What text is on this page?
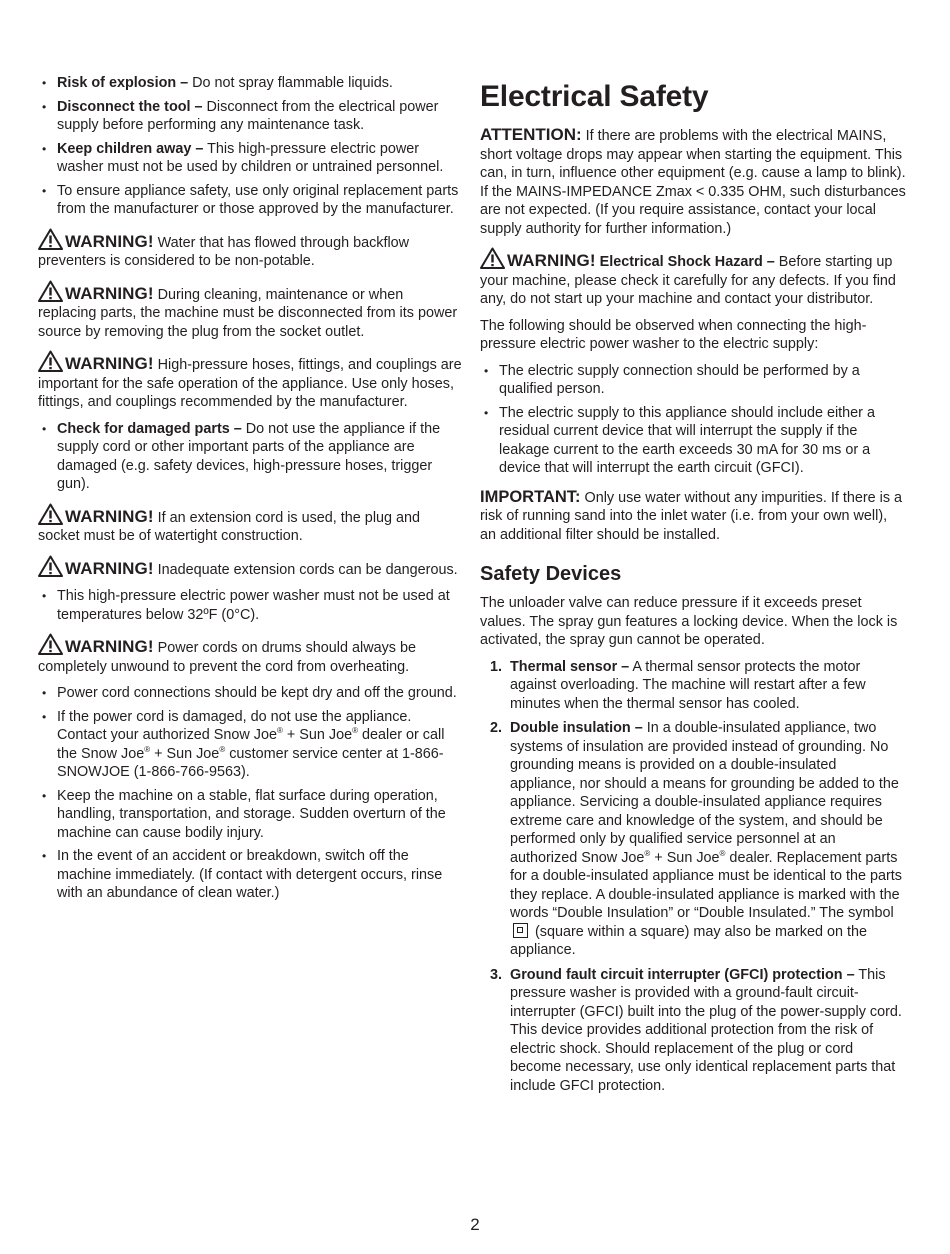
• Risk of explosion – Do not spray flammable liquids.
• Disconnect the tool – Disconnect from the electrical power supply before performing any maintenance task.
• Keep children away – This high-pressure electric power washer must not be used by children or untrained personnel.
• To ensure appliance safety, use only original replacement parts from the manufacturer or those approved by the manufacturer.

WARNING! Water that has flowed through backflow preventers is considered to be non-potable.

WARNING! During cleaning, maintenance or when replacing parts, the machine must be disconnected from its power source by removing the plug from the socket outlet.

WARNING! High-pressure hoses, fittings, and couplings are important for the safe operation of the appliance. Use only hoses, fittings, and couplings recommended by the manufacturer.

• Check for damaged parts – Do not use the appliance if the supply cord or other important parts of the appliance are damaged (e.g. safety devices, high-pressure hoses, trigger gun).

WARNING! If an extension cord is used, the plug and socket must be of watertight construction.

WARNING! Inadequate extension cords can be dangerous.

• This high-pressure electric power washer must not be used at temperatures below 32ºF (0°C).

WARNING! Power cords on drums should always be completely unwound to prevent the cord from overheating.

• Power cord connections should be kept dry and off the ground.
• If the power cord is damaged, do not use the appliance. Contact your authorized Snow Joe® + Sun Joe® dealer or call the Snow Joe® + Sun Joe® customer service center at 1-866-SNOWJOE (1-866-766-9563).
• Keep the machine on a stable, flat surface during operation, handling, transportation, and storage. Sudden overturn of the machine can cause bodily injury.
• In the event of an accident or breakdown, switch off the machine immediately. (If contact with detergent occurs, rinse with an abundance of clean water.)
Electrical Safety

ATTENTION: If there are problems with the electrical MAINS, short voltage drops may appear when starting the equipment. This can, in turn, influence other equipment (e.g. cause a lamp to blink). If the MAINS-IMPEDANCE Zmax < 0.335 OHM, such disturbances are not expected. (If you require assistance, contact your local supply authority for further information.)

WARNING! Electrical Shock Hazard – Before starting up your machine, please check it carefully for any defects. If you find any, do not start up your machine and contact your distributor.

The following should be observed when connecting the high-pressure electric power washer to the electric supply:

• The electric supply connection should be performed by a qualified person.
• The electric supply to this appliance should include either a residual current device that will interrupt the supply if the leakage current to the earth exceeds 30 mA for 30 ms or a device that will interrupt the earth circuit (GFCI).

IMPORTANT: Only use water without any impurities. If there is a risk of running sand into the inlet water (i.e. from your own well), an additional filter should be installed.

Safety Devices

The unloader valve can reduce pressure if it exceeds preset values. The spray gun features a locking device. When the lock is activated, the spray gun cannot be operated.

1. Thermal sensor – A thermal sensor protects the motor against overloading. The machine will restart after a few minutes when the thermal sensor has cooled.
2. Double insulation – In a double-insulated appliance, two systems of insulation are provided instead of grounding. No grounding means is provided on a double-insulated appliance, nor should a means for grounding be added to the appliance. Servicing a double-insulated appliance requires extreme care and knowledge of the system, and should be performed only by qualified service personnel at an authorized Snow Joe® + Sun Joe® dealer. Replacement parts for a double-insulated appliance must be identical to the parts they replace. A double-insulated appliance is marked with the words “Double Insulation” or “Double Insulated.” The symbol  (square within a square) may also be marked on the appliance.
3. Ground fault circuit interrupter (GFCI) protection – This pressure washer is provided with a ground-fault circuit-interrupter (GFCI) built into the plug of the power-supply cord. This device provides additional protection from the risk of electric shock. Should replacement of the plug or cord become necessary, use only identical replacement parts that include GFCI protection.
2
